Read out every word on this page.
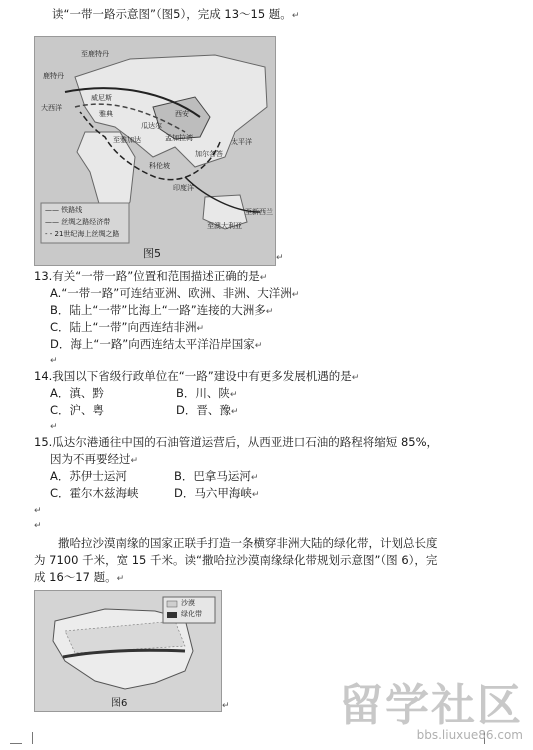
读“一带一路示意图”（图5），完成 13～15 题。↵
至鹿特丹
鹿特丹
威尼斯
大西洋
雅典
瓜达尔
至雅加达	孟加拉湾
加尔各答
科伦坡
西安
太平洋
印度洋
至新西兰
至澳大利亚
—— 铁路线
—— 丝绸之路经济带
- - 21世纪海上丝绸之路
图5	↵
13.有关“一带一路”位置和范围描述正确的是↵
A.“一带一路”可连结亚洲、欧洲、非洲、大洋洲↵
B．陆上“一带”比海上“一路”连接的大洲多↵
C．陆上“一带”向西连结非洲↵
D．海上“一路”向西连结太平洋沿岸国家↵
↵
14.我国以下省级行政单位在“一路”建设中有更多发展机遇的是↵
A．滇、黔	B．川、陕↵
C．沪、粤	D．晋、豫↵
↵
15.瓜达尔港通往中国的石油管道运营后，从西亚进口石油的路程将缩短 85%，
因为不再要经过↵
A．苏伊士运河	B．巴拿马运河↵
C．霍尔木兹海峡	D．马六甲海峡↵
↵
↵
撒哈拉沙漠南缘的国家正联手打造一条横穿非洲大陆的绿化带，计划总长度
为 7100 千米，宽 15 千米。读“撒哈拉沙漠南缘绿化带规划示意图”（图 6），完
成 16～17 题。↵
沙漠
绿化带
图6	↵ 留学社区
bbs.liuxue86.com
